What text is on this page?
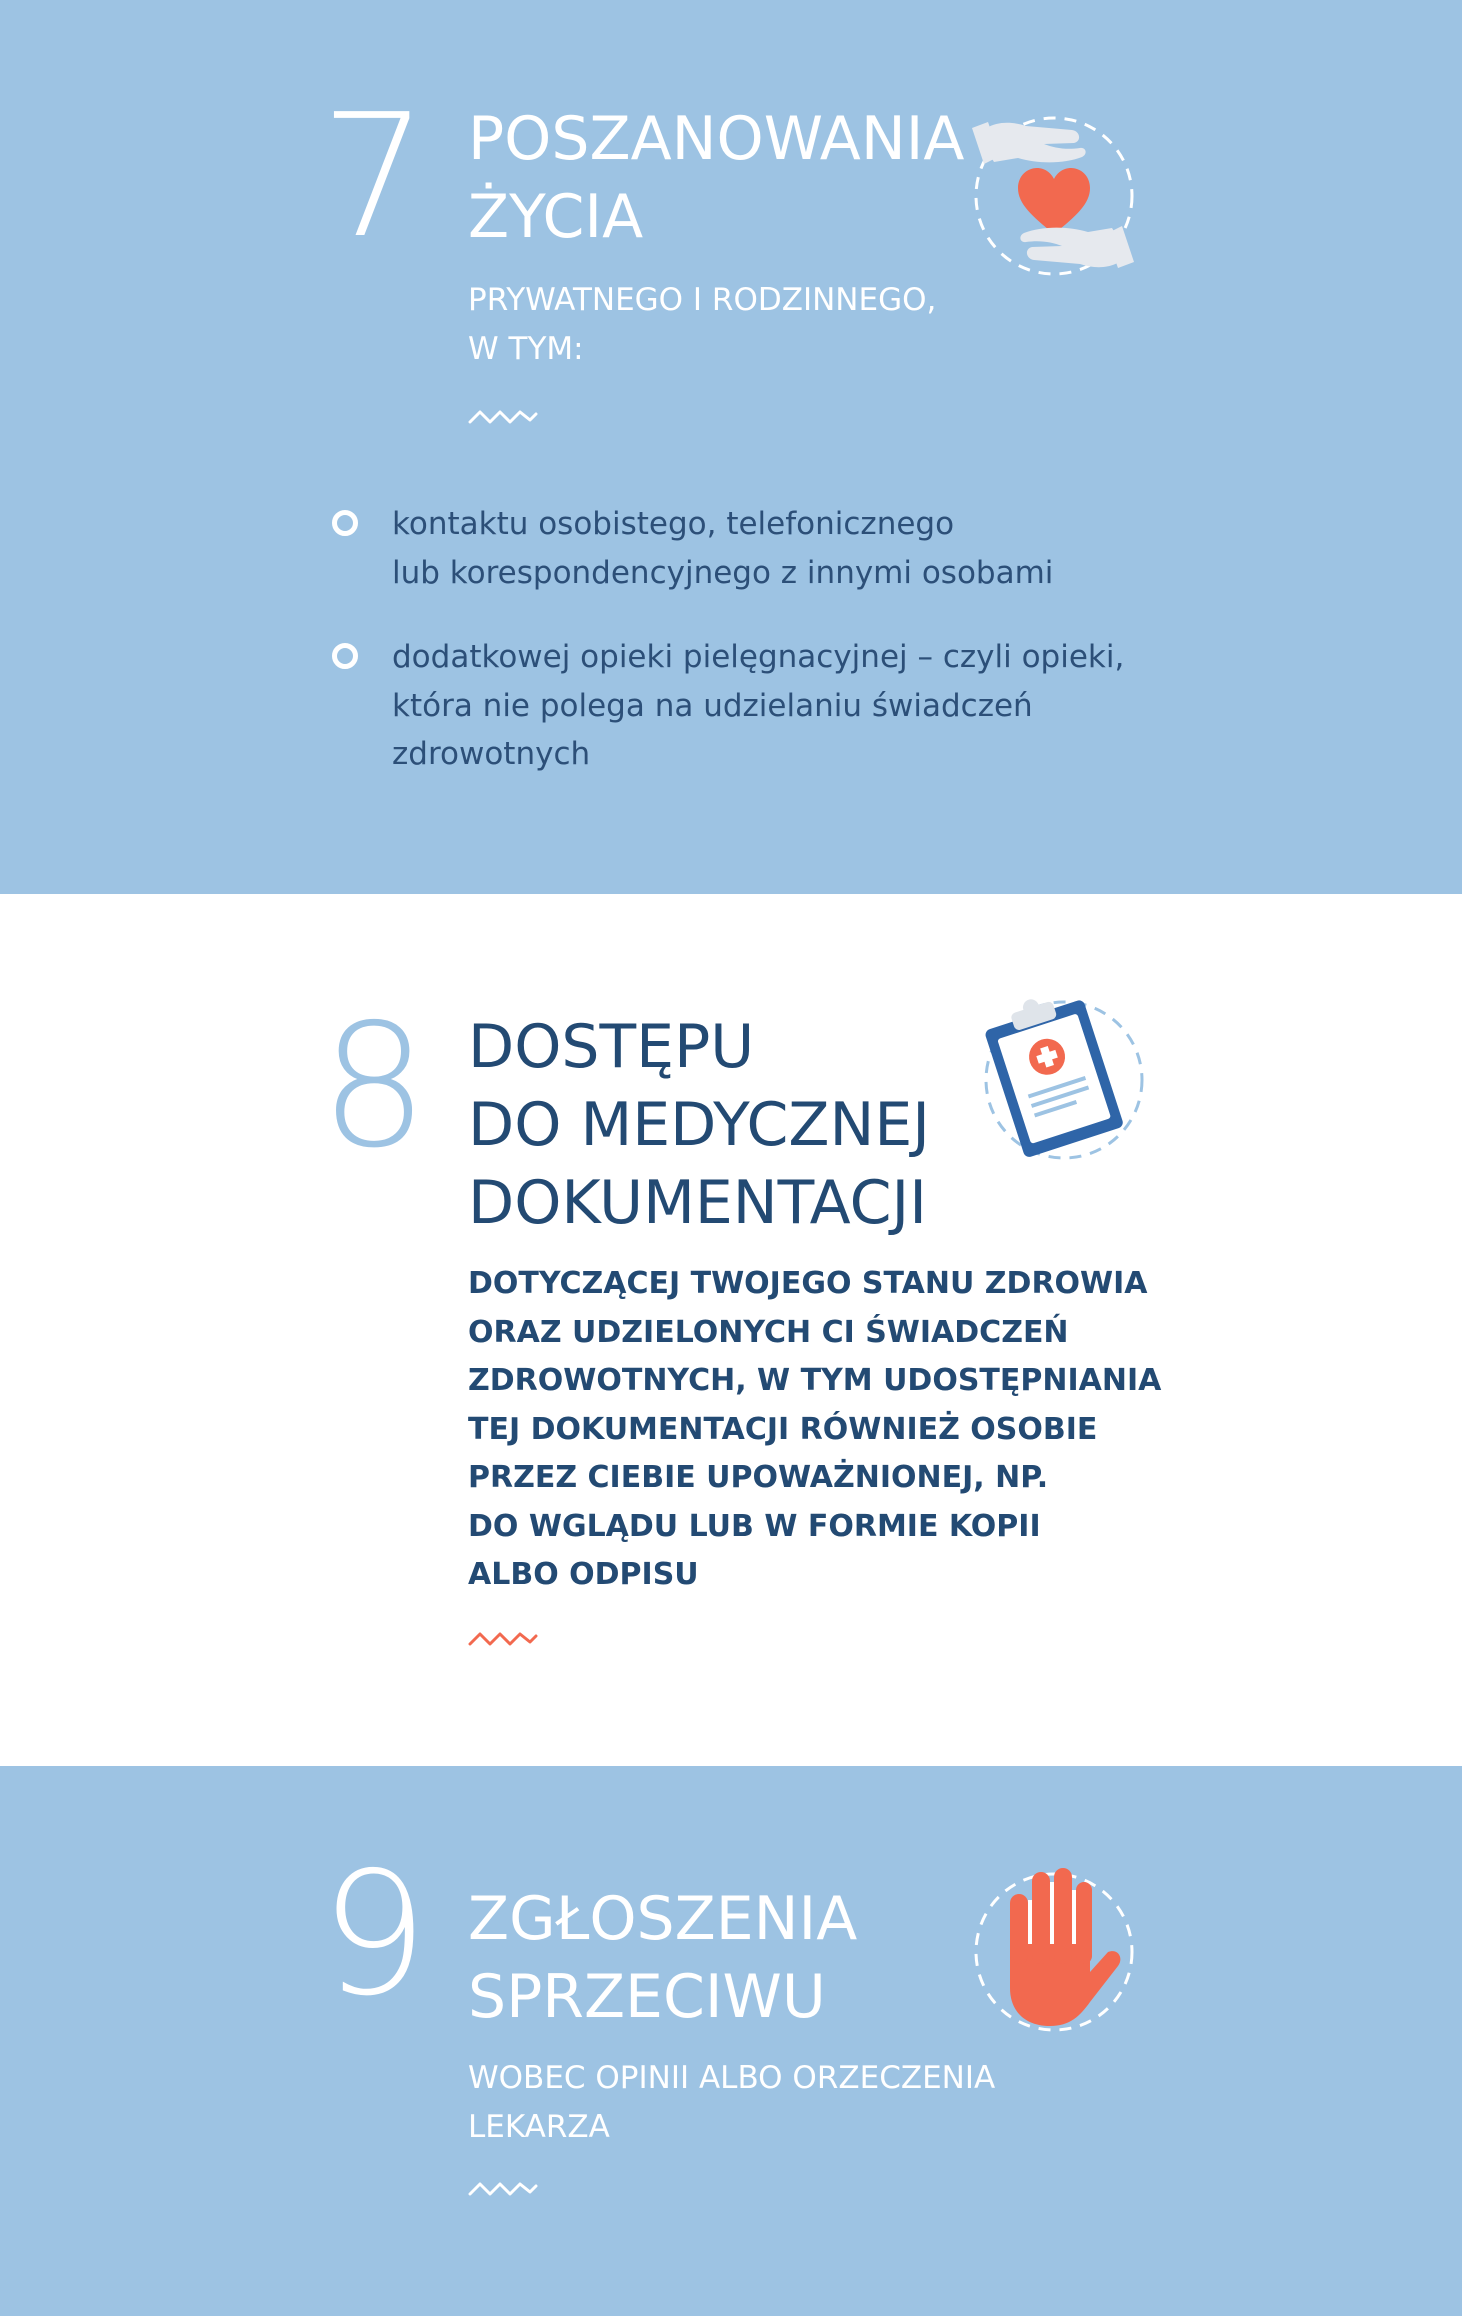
7 POSZANOWANIA
ŻYCIA
PRYWATNEGO I RODZINNEGO,
W TYM:
kontaktu osobistego, telefonicznego
lub korespondencyjnego z innymi osobami
dodatkowej opieki pielęgnacyjnej – czyli opieki,
która nie polega na udzielaniu świadczeń
zdrowotnych
8 DOSTĘPU
DO MEDYCZNEJ
DOKUMENTACJI
DOTYCZĄCEJ TWOJEGO STANU ZDROWIA
ORAZ UDZIELONYCH CI ŚWIADCZEŃ
ZDROWOTNYCH, W TYM UDOSTĘPNIANIA
TEJ DOKUMENTACJI RÓWNIEŻ OSOBIE
PRZEZ CIEBIE UPOWAŻNIONEJ, NP.
DO WGLĄDU LUB W FORMIE KOPII
ALBO ODPISU
9 ZGŁOSZENIA
SPRZECIWU
WOBEC OPINII ALBO ORZECZENIA
LEKARZA
